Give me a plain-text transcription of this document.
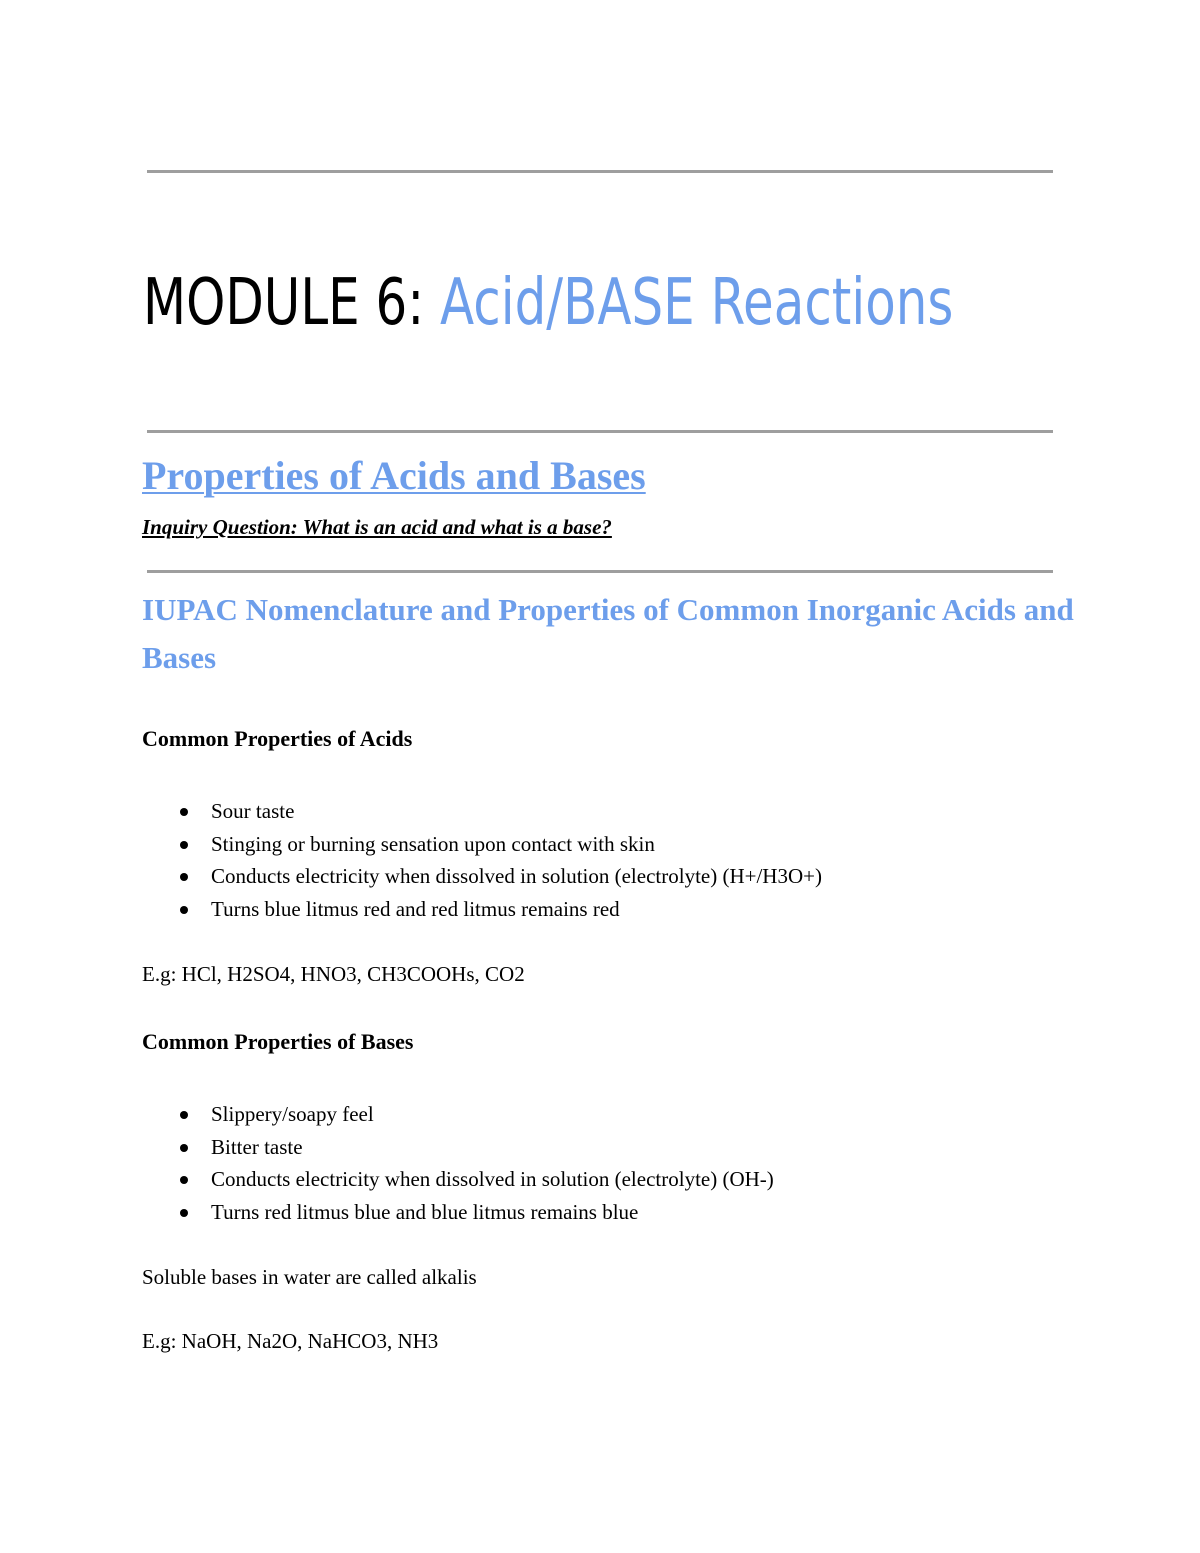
MODULE 6: Acid/BASE Reactions
Properties of Acids and Bases

Inquiry Question: What is an acid and what is a base?

IUPAC Nomenclature and Properties of Common Inorganic Acids and Bases
Common Properties of Acids
Sour taste
Stinging or burning sensation upon contact with skin
Conducts electricity when dissolved in solution (electrolyte) (H+/H3O+)
Turns blue litmus red and red litmus remains red

E.g: HCl, H2SO4, HNO3, CH3COOHs, CO2

Common Properties of Bases
Slippery/soapy feel
Bitter taste
Conducts electricity when dissolved in solution (electrolyte) (OH-)
Turns red litmus blue and blue litmus remains blue

Soluble bases in water are called alkalis

E.g: NaOH, Na2O, NaHCO3, NH3
